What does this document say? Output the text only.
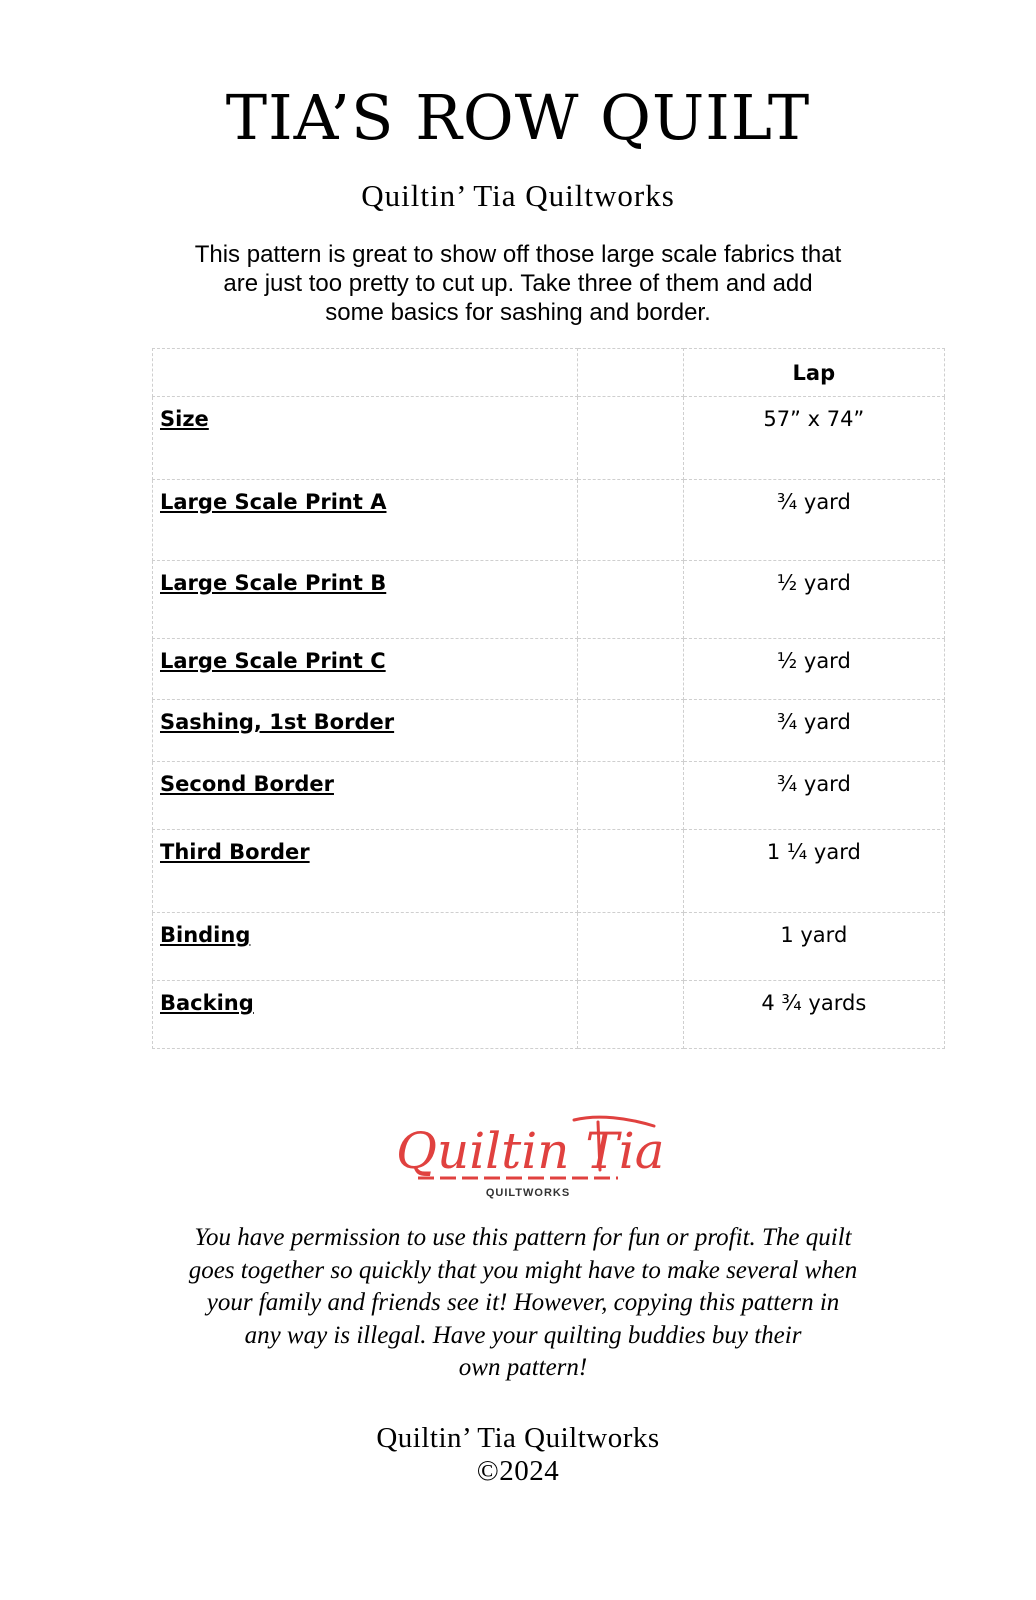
TIA’S ROW QUILT
Quiltin’ Tia Quiltworks
This pattern is great to show off those large scale fabrics that
are just too pretty to cut up. Take three of them and add
some basics for sashing and border.
		Lap

Size		57” x 74”

Large Scale Print A		¾ yard

Large Scale Print B		½ yard

Large Scale Print C		½ yard

Sashing, 1st Border		¾ yard

Second Border		¾ yard

Third Border		1 ¼ yard

Binding		1 yard

Backing		4 ¾ yards
Quiltin Tia
QUILTWORKS
You have permission to use this pattern for fun or profit. The quilt
goes together so quickly that you might have to make several when
your family and friends see it! However, copying this pattern in
any way is illegal. Have your quilting buddies buy their
own pattern!
Quiltin’ Tia Quiltworks
©2024
